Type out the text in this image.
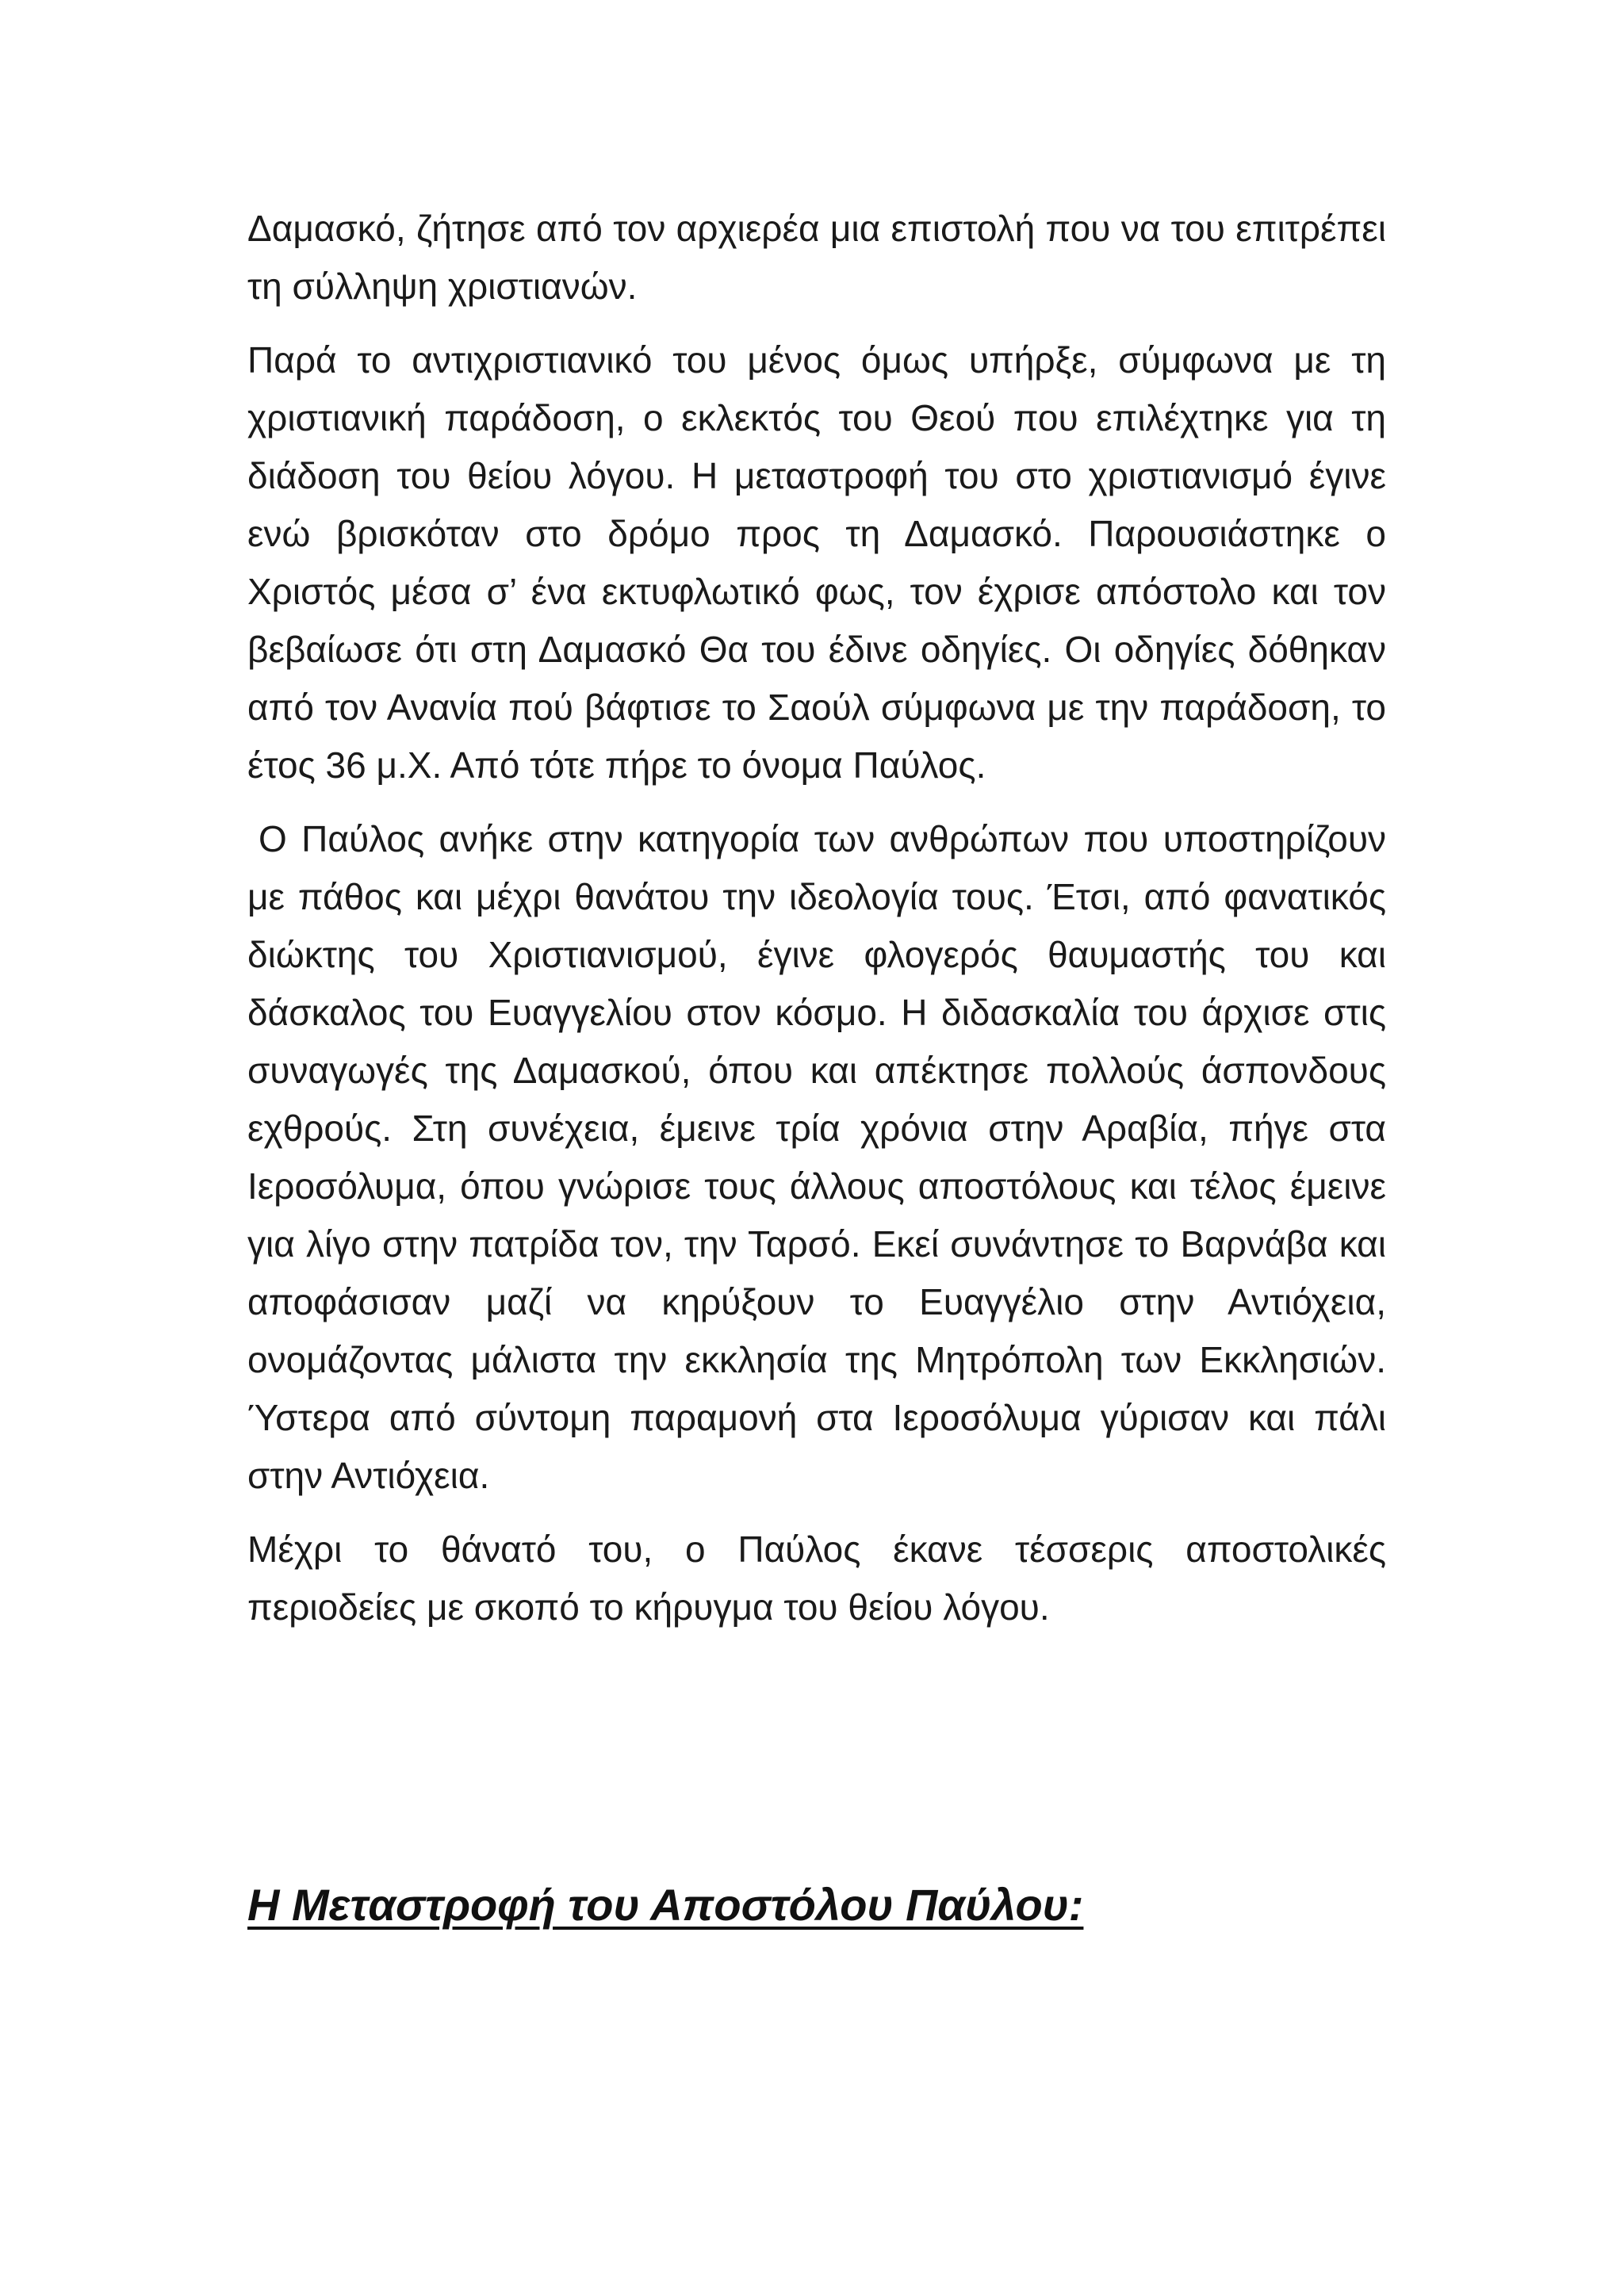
Δαμασκό, ζήτησε από τον αρχιερέα μια επιστολή που να του επιτρέπει τη σύλληψη χριστιανών.

Παρά το αντιχριστιανικό του μένος όμως υπήρξε, σύμφωνα με τη χριστιανική παράδοση, ο εκλεκτός του Θεού που επιλέχτηκε για τη διάδοση του θείου λόγου. Η μεταστροφή του στο χριστιανισμό έγινε ενώ βρισκόταν στο δρόμο προς τη Δαμασκό. Παρουσιάστηκε ο Χριστός μέσα σ’ ένα εκτυφλωτικό φως, τον έχρισε απόστολο και τον βεβαίωσε ότι στη Δαμασκό Θα του έδινε οδηγίες. Οι οδηγίες δόθηκαν από τον Ανανία πού βάφτισε το Σαούλ σύμφωνα με την παράδοση, το έτος 36 μ.Χ. Από τότε πήρε το όνομα Παύλος.

Ο Παύλος ανήκε στην κατηγορία των ανθρώπων που υποστηρίζουν με πάθος και μέχρι θανάτου την ιδεολογία τους. Έτσι, από φανατικός διώκτης του Χριστιανισμού, έγινε φλογερός θαυμαστής του και δάσκαλος του Ευαγγελίου στον κόσμο. Η διδασκαλία του άρχισε στις συναγωγές της Δαμασκού, όπου και απέκτησε πολλούς άσπονδους εχθρούς. Στη συνέχεια, έμεινε τρία χρόνια στην Αραβία, πήγε στα Ιεροσόλυμα, όπου γνώρισε τους άλλους αποστόλους και τέλος έμεινε για λίγο στην πατρίδα τον, την Ταρσό. Εκεί συνάντησε το Βαρνάβα και αποφάσισαν μαζί να κηρύξουν το Ευαγγέλιο στην Αντιόχεια, ονομάζοντας μάλιστα την εκκλησία της Μητρόπολη των Εκκλησιών. Ύστερα από σύντομη παραμονή στα Ιεροσόλυμα γύρισαν και πάλι στην Αντιόχεια.

Μέχρι το θάνατό του, ο Παύλος έκανε τέσσερις αποστολικές περιοδείες με σκοπό το κήρυγμα του θείου λόγου.

Η Μεταστροφή του Αποστόλου Παύλου:
